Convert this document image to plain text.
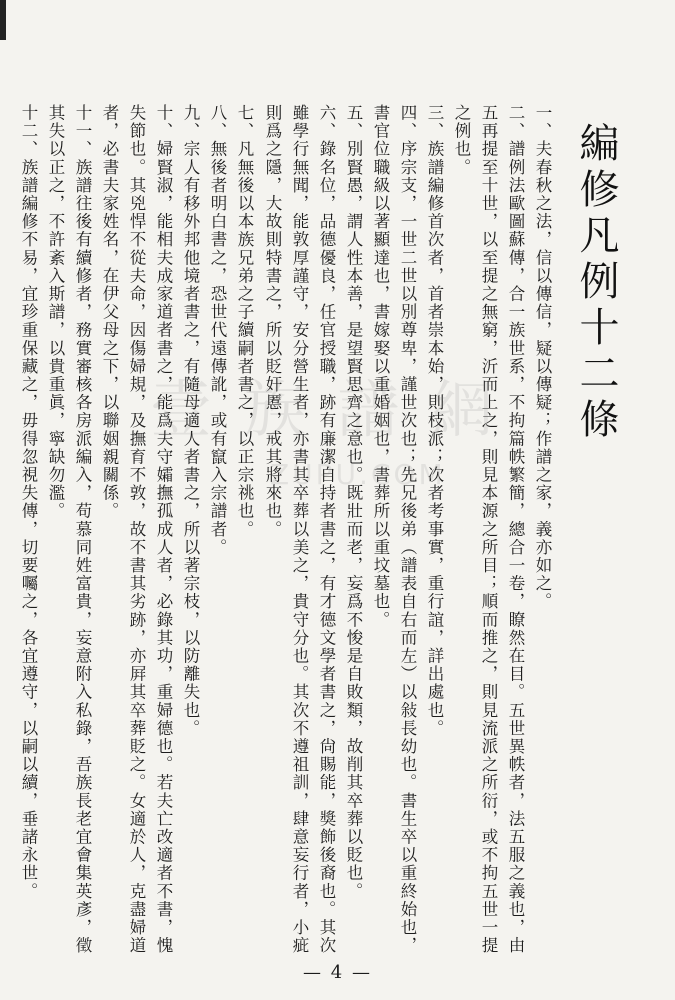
編修凡例十二條
一、夫春秋之法，信以傳信，疑以傳疑；作譜之家，義亦如之。
二、譜例法歐圖蘇傳，合一族世系，不拘篇帙繁簡，總合一卷，瞭然在目。五世異帙者，法五服之義也，由五再提至十世，以至提之無窮，沂而上之，則見本源之所目；順而推之，則見流派之所衍，或不拘五世一提之例也。
三、族譜編修首次者，首者崇本始，則枝派；次者考事實，重行誼，詳出處也。
四、序宗支，一世二世以別尊卑，謹世次也；先兄後弟（譜表自右而左）以敍長幼也。書生卒以重終始也，書官位職級以著顯達也，書嫁娶以重婚姻也，書葬所以重坟墓也。
五、別賢愚，謂人性本善，是望賢思齊之意也。既壯而老，妄爲不悛是自敗類，故削其卒葬以貶也。
六、錄名位，品德優良，任官授職，跡有廉潔自持者書之，有才德文學者書之，尙賜能，獎飾後裔也。其次雖學行無聞，能敦厚謹守，安分營生者，亦書其卒葬以美之，貴守分也。其次不遵祖訓，肆意妄行者，小疵則爲之隱，大故則特書之，所以貶奸慝，戒其將來也。
七、凡無後以本族兄弟之子續嗣者書之，以正宗祧也。
八、無後者明白書之，恐世代遠傳訛，或有竄入宗譜者。
九、宗人有移外邦他境者書之，有隨母適人者書之，所以著宗枝，以防離失也。
十、婦賢淑，能相夫成家道者書之，能爲夫守孀撫孤成人者，必錄其功，重婦德也。若夫亡改適者不書，愧失節也。其兇悍不從夫命，因傷婦規，及撫育不敦，故不書其劣跡，亦屛其卒葬貶之。女適於人，克盡婦道者，必書夫家姓名，在伊父母之下，以聯姻親關係。
十一、族譜往後有續修者，務實審核各房派編入，苟慕同姓富貴，妄意附入私錄，吾族長老宜會集英彥，徵其失以正之，不許紊入斯譜，以貴重眞，寧缺勿濫。
十二、族譜編修不易，宜珍重保藏之，毋得忽視失傳，切要囑之，各宜遵守，以嗣以續，垂諸永世。 壹 族 譜 網
ZUPU.COM
— 4 —
